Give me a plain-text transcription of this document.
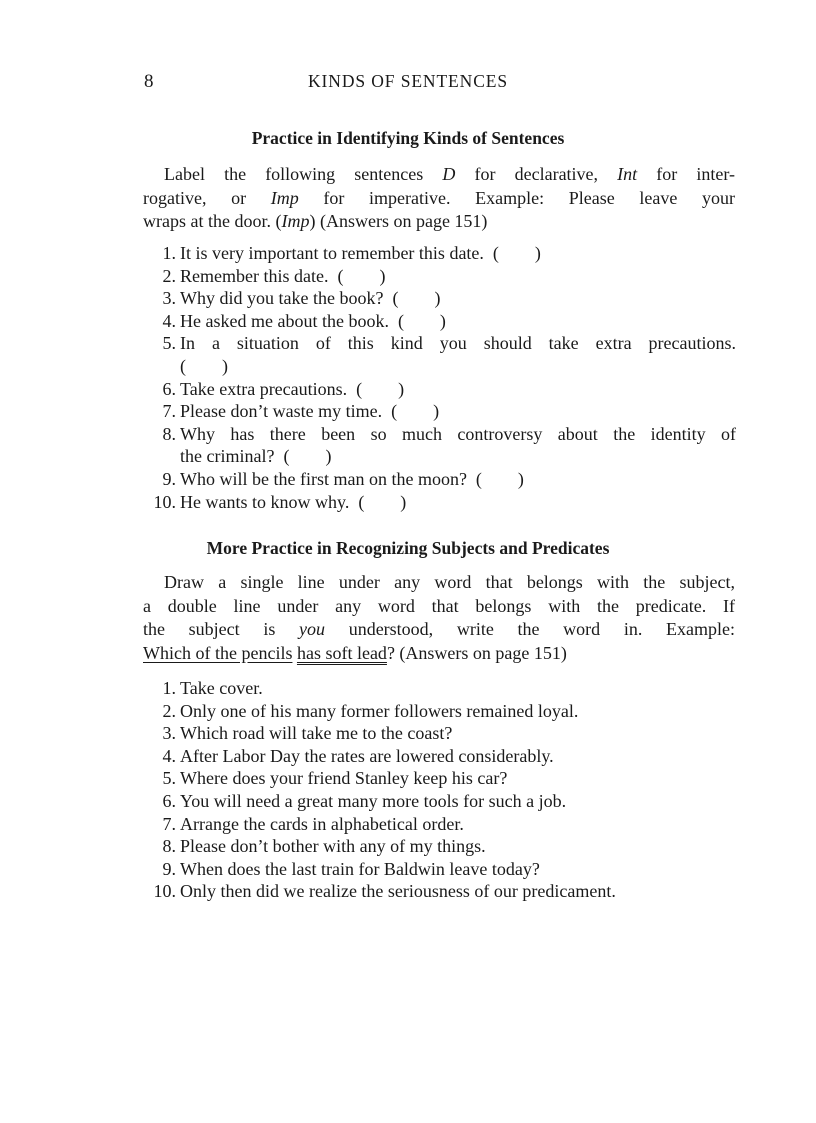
8	KINDS OF SENTENCES
Practice in Identifying Kinds of Sentences
Label the following sentences D for declarative, Int for inter-
rogative, or Imp for imperative. Example: Please leave your
wraps at the door. (Imp) (Answers on page 151)
1 . It is very important to remember this date.  (        )
2 . Remember this date.  (        )
3 . Why did you take the book?  (        )
4 . He asked me about the book.  (        )
5 . In a situation of this kind you should take extra precautions.
(        )
6 . Take extra precautions.  (        )
7 . Please don’t waste my time.  (        )
8 . Why has there been so much controversy about the identity of
the criminal?  (        )
9 . Who will be the first man on the moon?  (        )
10 . He wants to know why.  (        )
More Practice in Recognizing Subjects and Predicates
Draw a single line under any word that belongs with the subject,
a double line under any word that belongs with the predicate. If
the subject is you understood, write the word in. Example:
Which of the pencils has soft lead? (Answers on page 151)
1 . Take cover.
2 . Only one of his many former followers remained loyal.
3 . Which road will take me to the coast?
4 . After Labor Day the rates are lowered considerably.
5 . Where does your friend Stanley keep his car?
6 . You will need a great many more tools for such a job.
7 . Arrange the cards in alphabetical order.
8 . Please don’t bother with any of my things.
9 . When does the last train for Baldwin leave today?
10 . Only then did we realize the seriousness of our predicament.
